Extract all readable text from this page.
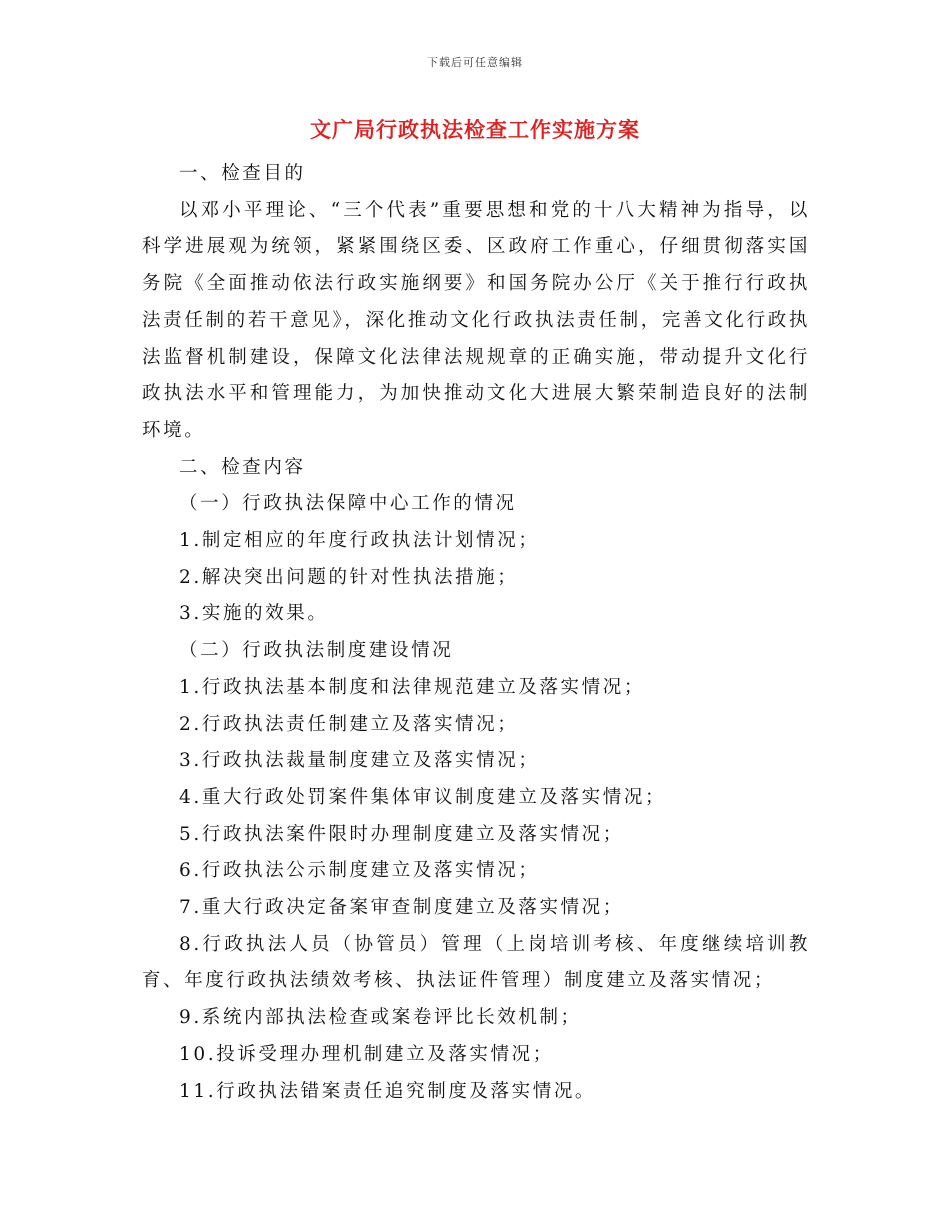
下载后可任意编辑
文广局行政执法检查工作实施方案

一、检查目的

以邓小平理论、“三个代表”重要思想和党的十八大精神为指导，以科学进展观为统领，紧紧围绕区委、区政府工作重心，仔细贯彻落实国务院《全面推动依法行政实施纲要》和国务院办公厅《关于推行行政执法责任制的若干意见》，深化推动文化行政执法责任制，完善文化行政执法监督机制建设，保障文化法律法规规章的正确实施，带动提升文化行政执法水平和管理能力，为加快推动文化大进展大繁荣制造良好的法制环境。

二、检查内容

（一）行政执法保障中心工作的情况

1.制定相应的年度行政执法计划情况；

2.解决突出问题的针对性执法措施；

3.实施的效果。

（二）行政执法制度建设情况

1.行政执法基本制度和法律规范建立及落实情况；

2.行政执法责任制建立及落实情况；

3.行政执法裁量制度建立及落实情况；

4.重大行政处罚案件集体审议制度建立及落实情况；

5.行政执法案件限时办理制度建立及落实情况；

6.行政执法公示制度建立及落实情况；

7.重大行政决定备案审查制度建立及落实情况；

8.行政执法人员（协管员）管理（上岗培训考核、年度继续培训教育、年度行政执法绩效考核、执法证件管理）制度建立及落实情况；

9.系统内部执法检查或案卷评比长效机制；

10.投诉受理办理机制建立及落实情况；

11.行政执法错案责任追究制度及落实情况。
